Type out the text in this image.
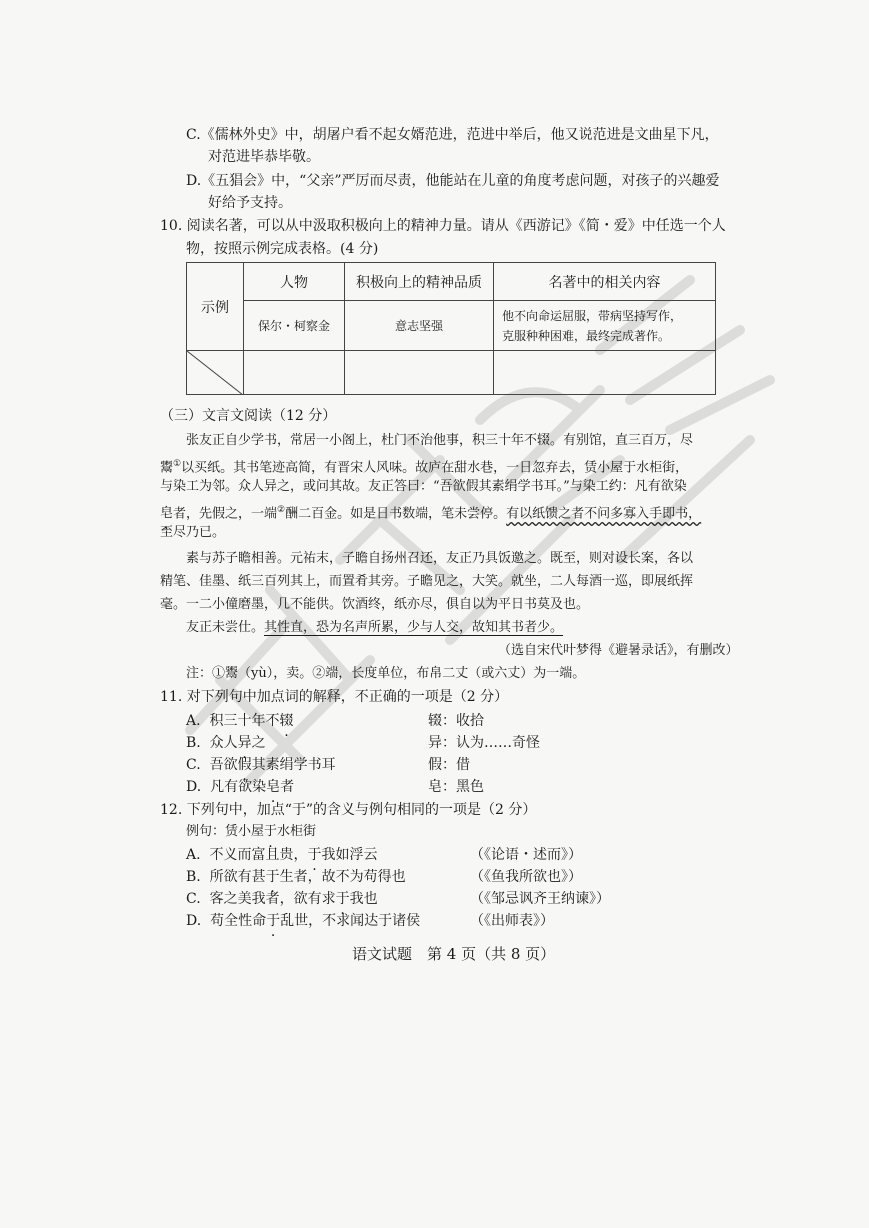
C.《儒林外史》中，胡屠户看不起女婿范进，范进中举后，他又说范进是文曲星下凡，
对范进毕恭毕敬。
D.《五猖会》中，“父亲”严厉而尽责，他能站在儿童的角度考虑问题，对孩子的兴趣爱
好给予支持。
10. 阅读名著，可以从中汲取积极向上的精神力量。请从《西游记》《简・爱》中任选一个人
物，按照示例完成表格。(4 分)
示例	人物	积极向上的精神品质	名著中的相关内容
	保尔・柯察金	意志坚强	他不向命运屈服，带病坚持写作，
克服种种困难，最终完成著作。

（三）文言文阅读（12 分）
张友正自少学书，常居一小阁上，杜门不治他事，积三十年不辍。有别馆，直三百万，尽
鬻①以买纸。其书笔迹高简，有晋宋人风味。故庐在甜水巷，一日忽弃去，赁小屋于水柜街，
与染工为邻。众人异之，或问其故。友正答曰：“吾欲假其素绢学书耳。”与染工约：凡有欲染
皂者，先假之，一端②酬二百金。如是日书数端，笔未尝停。有以纸馈之者不问多寡入手即书，
至尽乃已。
素与苏子瞻相善。元祐末，子瞻自扬州召还，友正乃具饭邀之。既至，则对设长案，各以
精笔、佳墨、纸三百列其上，而置肴其旁。子瞻见之，大笑。就坐，二人每酒一巡，即展纸挥
毫。一二小僮磨墨，几不能供。饮酒终，纸亦尽，俱自以为平日书莫及也。
友正未尝仕。其性直，恐为名声所累，少与人交，故知其书者少。
（选自宋代叶梦得《避暑录话》，有删改）
注：①鬻（yù），卖。②端，长度单位，布帛二丈（或六丈）为一端。
11. 对下列句中加点词的解释，不正确的一项是（2 分）
A. 积三十年不辍	辍：收拾
B. 众人异之	异：认为……奇怪
C. 吾欲假其素绢学书耳	假：借
D. 凡有欲染皂者	皂：黑色
12. 下列句中，加点“于”的含义与例句相同的一项是（2 分）
例句：赁小屋于水柜街
A. 不义而富且贵，于我如浮云	（《论语・述而》）
B. 所欲有甚于生者，故不为苟得也	（《鱼我所欲也》）
C. 客之美我者，欲有求于我也	（《邹忌讽齐王纳谏》）
D. 苟全性命于乱世，不求闻达于诸侯	（《出师表》）
语文试题　第 4 页（共 8 页）
